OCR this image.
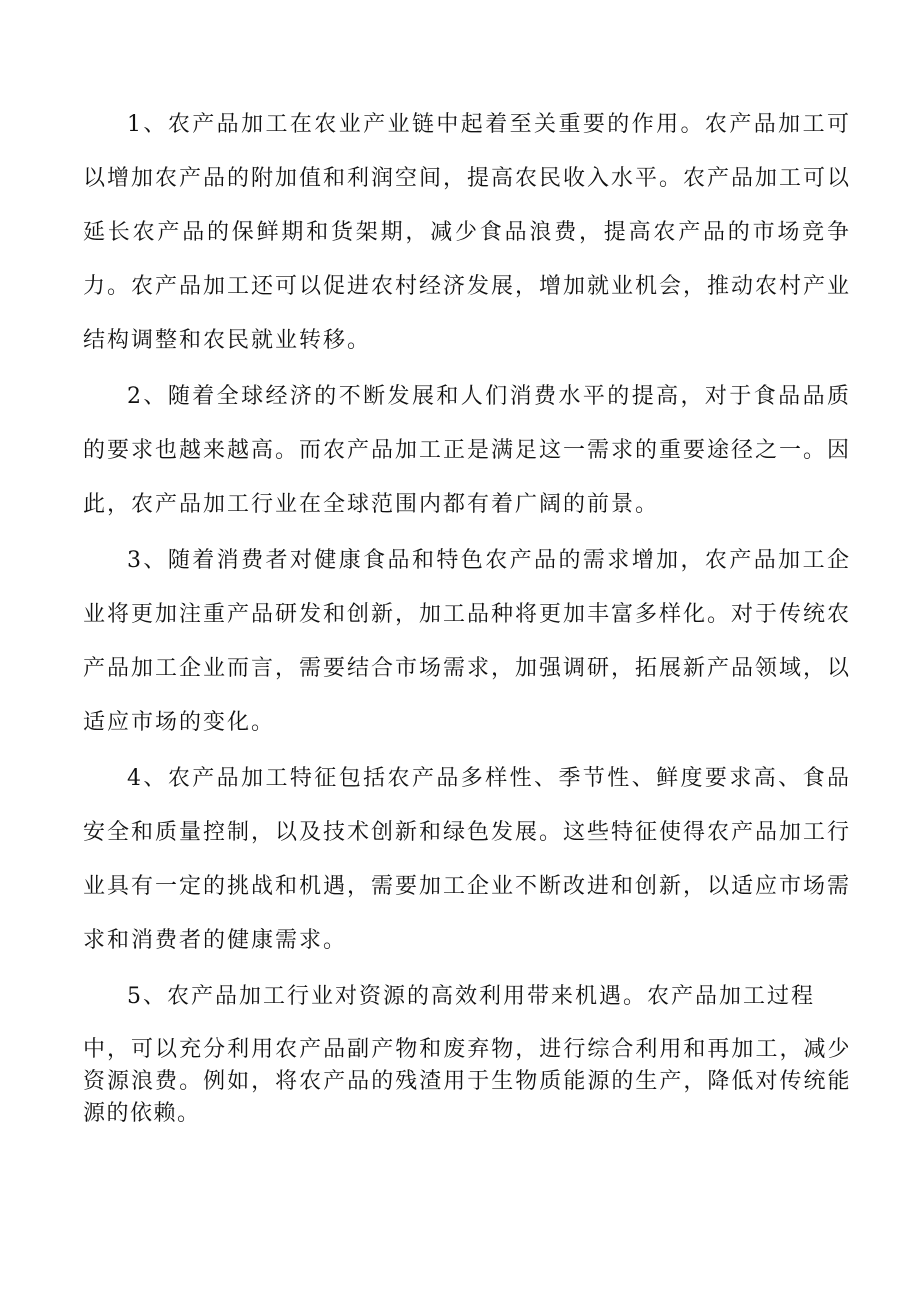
1、农产品加工在农业产业链中起着至关重要的作用。农产品加工可以增加农产品的附加值和利润空间，提高农民收入水平。农产品加工可以延长农产品的保鲜期和货架期，减少食品浪费，提高农产品的市场竞争力。农产品加工还可以促进农村经济发展，增加就业机会，推动农村产业结构调整和农民就业转移。

2、随着全球经济的不断发展和人们消费水平的提高，对于食品品质的要求也越来越高。而农产品加工正是满足这一需求的重要途径之一。因此，农产品加工行业在全球范围内都有着广阔的前景。

3、随着消费者对健康食品和特色农产品的需求增加，农产品加工企业将更加注重产品研发和创新，加工品种将更加丰富多样化。对于传统农产品加工企业而言，需要结合市场需求，加强调研，拓展新产品领域，以适应市场的变化。

4、农产品加工特征包括农产品多样性、季节性、鲜度要求高、食品安全和质量控制，以及技术创新和绿色发展。这些特征使得农产品加工行业具有一定的挑战和机遇，需要加工企业不断改进和创新，以适应市场需求和消费者的健康需求。

5、农产品加工行业对资源的高效利用带来机遇。农产品加工过程

中，可以充分利用农产品副产物和废弃物，进行综合利用和再加工，减少资源浪费。例如，将农产品的残渣用于生物质能源的生产，降低对传统能源的依赖。
